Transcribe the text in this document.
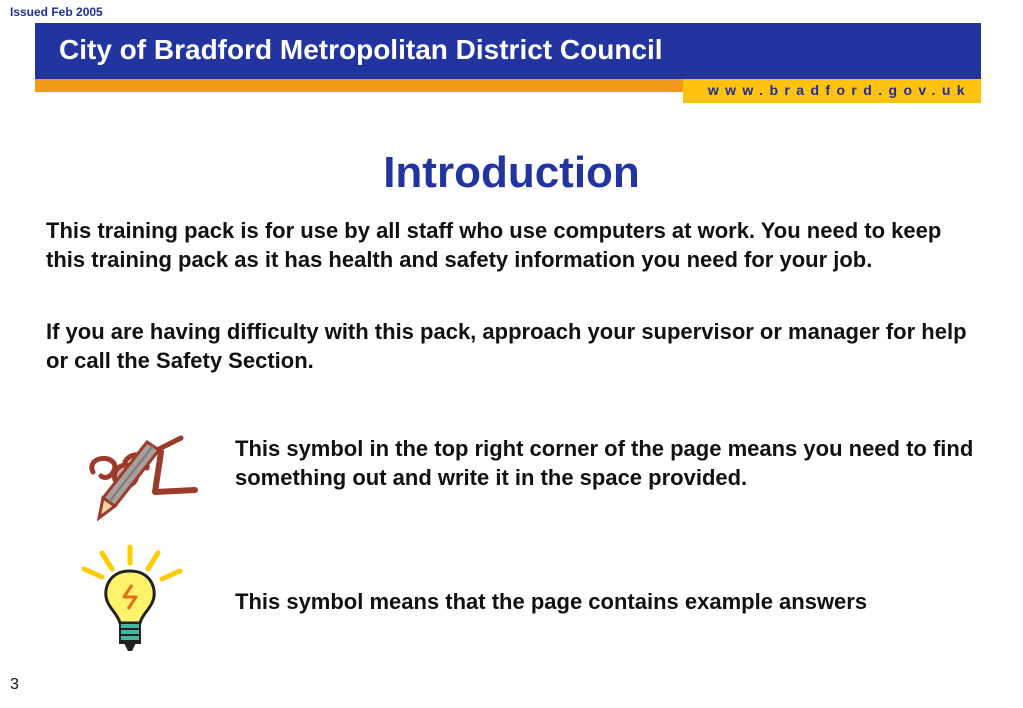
Issued Feb 2005
City of Bradford Metropolitan District Council
www.bradford.gov.uk
Introduction
This training pack is for use by all staff who use computers at work. You need to keep this training pack as it has health and safety information you need for your job.
If you are having difficulty with this pack, approach your supervisor or manager for help or call the Safety Section.
This symbol in the top right corner of the page means you need to find something out and write it in the space provided.
This symbol means that the page contains example answers
3
